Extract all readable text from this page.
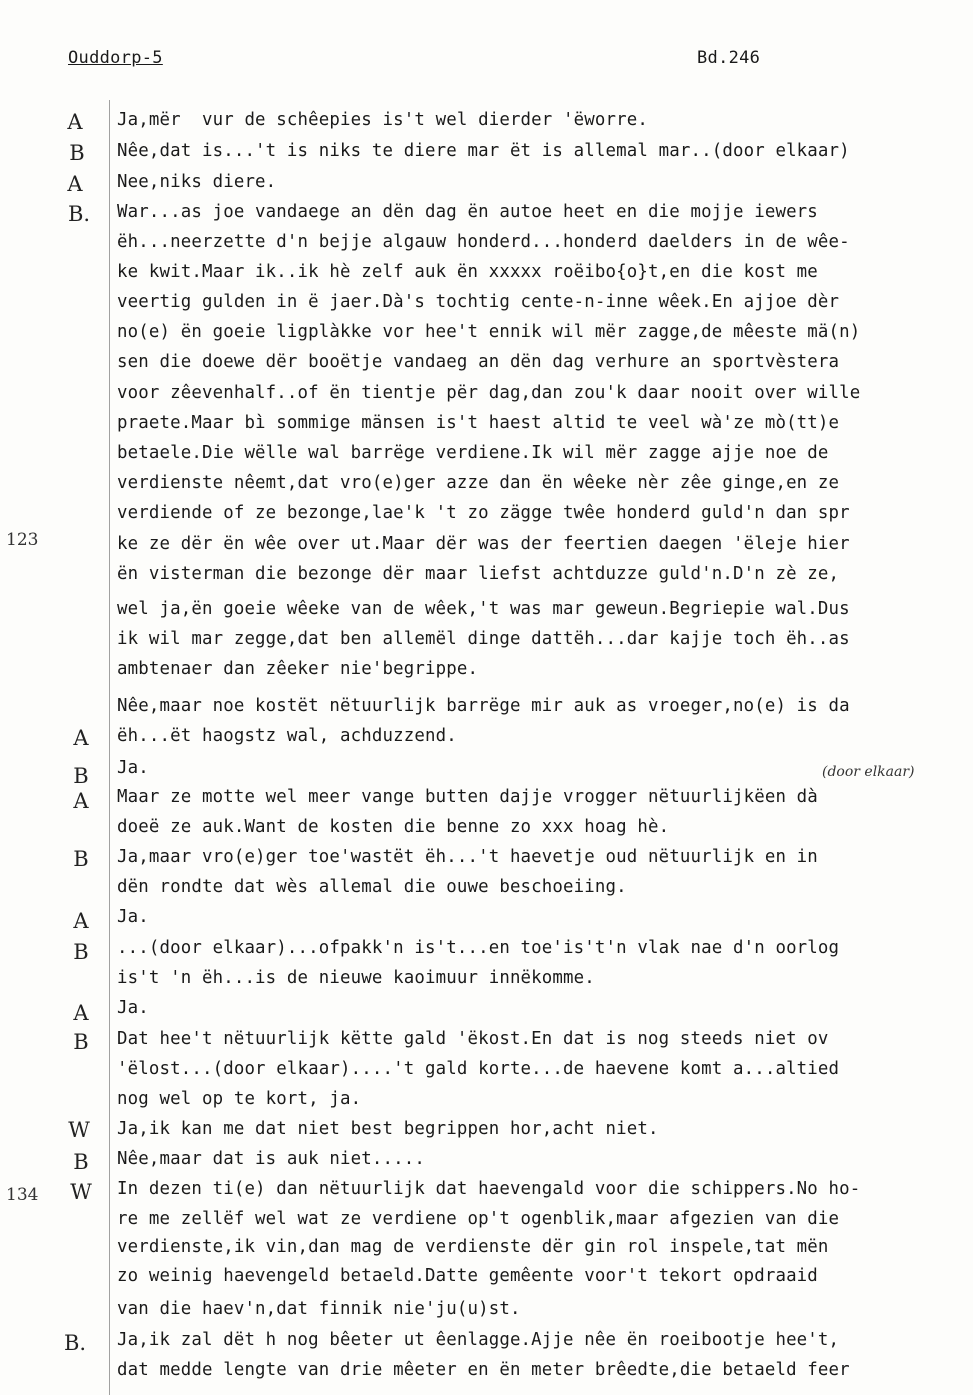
Ouddorp-5	Bd.246
(door elkaar)
A
B
A
B.
A
B
A
B
A
B
A
B
W
B
W
B.
123
134
Ja,mër  vur de schêepies is't wel dierder 'ëworre.
Nêe,dat is...'t is niks te diere mar ët is allemal mar..(door elkaar)
Nee,niks diere.
War...as joe vandaege an dën dag ën autoe heet en die mojje iewers
ëh...neerzette d'n bejje algauw honderd...honderd daelders in de wêe-
ke kwit.Maar ik..ik hè zelf auk ën xxxxx roëibo{o}t,en die kost me
veertig gulden in ë jaer.Dà's tochtig cente-n-inne wêek.En ajjoe dèr
no(e) ën goeie ligplàkke vor hee't ennik wil mër zagge,de mêeste mä(n)
sen die doewe dër booëtje vandaeg an dën dag verhure an sportvèstera
voor zêevenhalf..of ën tientje për dag,dan zou'k daar nooit over wille
praete.Maar bì sommige mänsen is't haest altid te veel wà'ze mò(tt)e
betaele.Die wëlle wal barrëge verdiene.Ik wil mër zagge ajje noe de
verdienste nêemt,dat vro(e)ger azze dan ën wêeke nèr zêe ginge,en ze
verdiende of ze bezonge,lae'k 't zo zägge twêe honderd guld'n dan spr
ke ze dër ën wêe over ut.Maar dër was der feertien daegen 'ëleje hier
ën visterman die bezonge dër maar liefst achtduzze guld'n.D'n zè ze,
wel ja,ën goeie wêeke van de wêek,'t was mar geweun.Begriepie wal.Dus
ik wil mar zegge,dat ben allemël dinge dattëh...dar kajje toch ëh..as
ambtenaer dan zêeker nie'begrippe.
Nêe,maar noe kostët nëtuurlijk barrëge mir auk as vroeger,no(e) is da
ëh...ët haogstz wal, achduzzend.
Ja.
Maar ze motte wel meer vange butten dajje vrogger nëtuurlijkëen dà
doeë ze auk.Want de kosten die benne zo xxx hoag hè.
Ja,maar vro(e)ger toe'wastët ëh...'t haevetje oud nëtuurlijk en in
dën rondte dat wès allemal die ouwe beschoeiing.
Ja.
...(door elkaar)...ofpakk'n is't...en toe'is't'n vlak nae d'n oorlog
is't 'n ëh...is de nieuwe kaoimuur innëkomme.
Ja.
Dat hee't nëtuurlijk këtte gald 'ëkost.En dat is nog steeds niet ov
'ëlost...(door elkaar)....'t gald korte...de haevene komt a...altied
nog wel op te kort, ja.
Ja,ik kan me dat niet best begrippen hor,acht niet.
Nêe,maar dat is auk niet.....
In dezen ti(e) dan nëtuurlijk dat haevengald voor die schippers.No ho-
re me zellëf wel wat ze verdiene op't ogenblik,maar afgezien van die
verdienste,ik vin,dan mag de verdienste dër gin rol inspele,tat mën
zo weinig haevengeld betaeld.Datte gemêente voor't tekort opdraaid
van die haev'n,dat finnik nie'ju(u)st.
Ja,ik zal dët h nog bêeter ut êenlagge.Ajje nêe ën roeibootje hee't,
dat medde lengte van drie mêeter en ën meter brêedte,die betaeld feer
